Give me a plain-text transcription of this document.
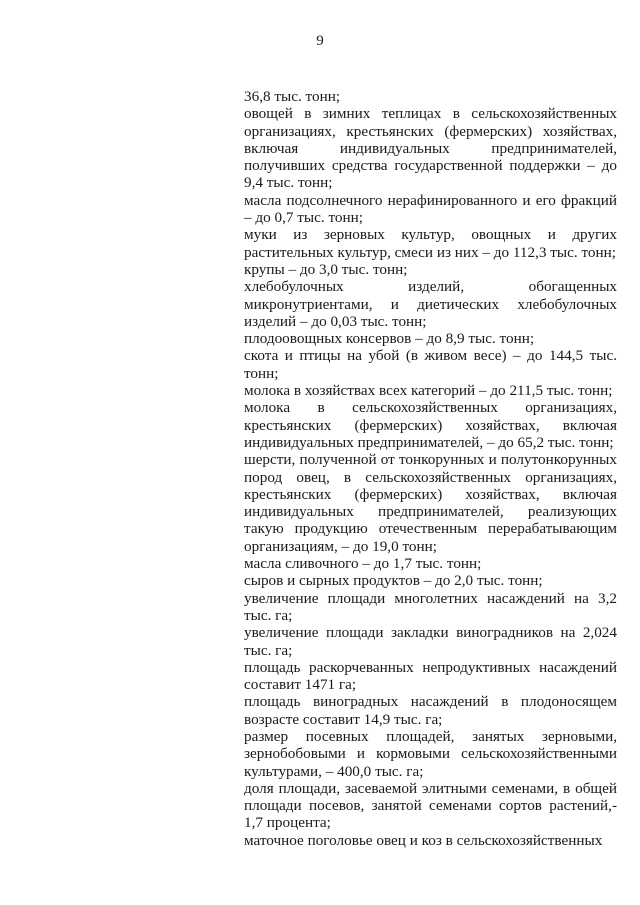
9

36,8 тыс. тонн;

овощей в зимних теплицах в сельскохозяйственных организациях, крестьянских (фермерских) хозяйствах, включая индивидуальных предпринимателей, получивших средства государственной поддержки – до 9,4 тыс. тонн;

масла подсолнечного нерафинированного и его фракций – до 0,7 тыс. тонн;

муки из зерновых культур, овощных и других растительных культур, смеси из них – до 112,3 тыс. тонн;

крупы – до 3,0 тыс. тонн;

хлебобулочных изделий, обогащенных микронутриентами, и диетических хлебобулочных изделий – до 0,03 тыс. тонн;

плодоовощных консервов – до 8,9 тыс. тонн;

скота и птицы на убой (в живом весе) – до 144,5 тыс. тонн;

молока в хозяйствах всех категорий – до 211,5 тыс. тонн;

молока в сельскохозяйственных организациях, крестьянских (фермерских) хозяйствах, включая индивидуальных предпринимателей, – до 65,2 тыс. тонн;

шерсти, полученной от тонкорунных и полутонкорунных пород овец, в сельскохозяйственных организациях, крестьянских (фермерских) хозяйствах, включая индивидуальных предпринимателей, реализующих такую продукцию отечественным перерабатывающим организациям, – до 19,0 тонн;

масла сливочного – до 1,7 тыс. тонн;

сыров и сырных продуктов – до 2,0 тыс. тонн;

увеличение площади многолетних насаждений на 3,2 тыс. га;

увеличение площади закладки виноградников на 2,024 тыс. га;

площадь раскорчеванных непродуктивных насаждений составит 1471 га;

площадь виноградных насаждений в плодоносящем возрасте составит 14,9 тыс. га;

размер посевных площадей, занятых зерновыми, зернобобовыми и кормовыми сельскохозяйственными культурами, – 400,0 тыс. га;

доля площади, засеваемой элитными семенами, в общей площади посевов, занятой семенами сортов растений,- 1,7 процента;

маточное поголовье овец и коз в сельскохозяйственных
